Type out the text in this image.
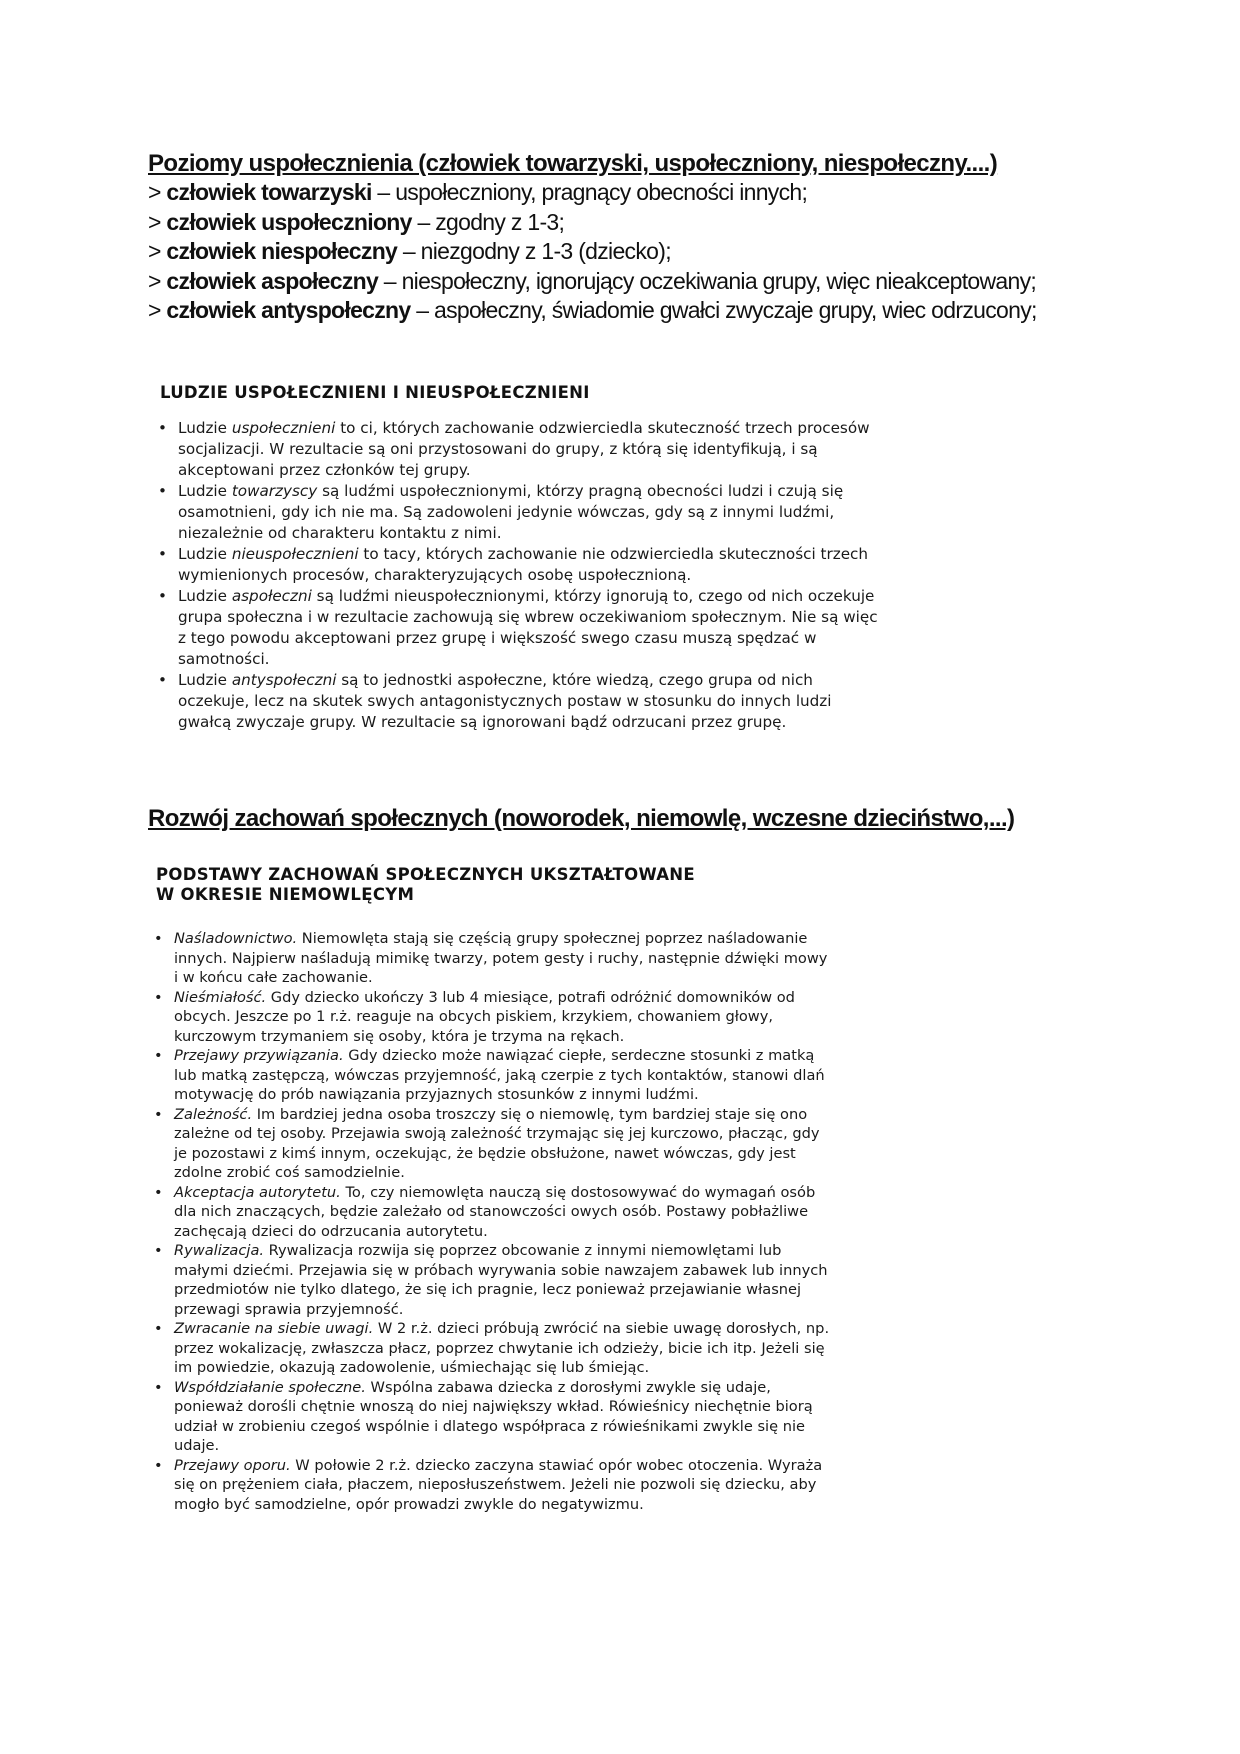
Poziomy uspołecznienia (człowiek towarzyski, uspołeczniony, niespołeczny....)
> człowiek towarzyski – uspołeczniony, pragnący obecności innych;
> człowiek uspołeczniony – zgodny z 1-3;
> człowiek niespołeczny – niezgodny z 1-3 (dziecko);
> człowiek aspołeczny – niespołeczny, ignorujący oczekiwania grupy, więc nieakceptowany;
> człowiek antyspołeczny – aspołeczny, świadomie gwałci zwyczaje grupy, wiec odrzucony;
LUDZIE USPOŁECZNIENI I NIEUSPOŁECZNIENI
• Ludzie uspołecznieni to ci, których zachowanie odzwierciedla skuteczność trzech procesów socjalizacji. W rezultacie są oni przystosowani do grupy, z którą się identyfikują, i są akceptowani przez członków tej grupy.
• Ludzie towarzyscy są ludźmi uspołecznionymi, którzy pragną obecności ludzi i czują się osamotnieni, gdy ich nie ma. Są zadowoleni jedynie wówczas, gdy są z innymi ludźmi, niezależnie od charakteru kontaktu z nimi.
• Ludzie nieuspołecznieni to tacy, których zachowanie nie odzwierciedla skuteczności trzech wymienionych procesów, charakteryzujących osobę uspołecznioną.
• Ludzie aspołeczni są ludźmi nieuspołecznionymi, którzy ignorują to, czego od nich oczekuje grupa społeczna i w rezultacie zachowują się wbrew oczekiwaniom społecznym. Nie są więc z tego powodu akceptowani przez grupę i większość swego czasu muszą spędzać w samotności.
• Ludzie antyspołeczni są to jednostki aspołeczne, które wiedzą, czego grupa od nich oczekuje, lecz na skutek swych antagonistycznych postaw w stosunku do innych ludzi gwałcą zwyczaje grupy. W rezultacie są ignorowani bądź odrzucani przez grupę.
Rozwój zachowań społecznych (noworodek, niemowlę, wczesne dzieciństwo,...)
PODSTAWY ZACHOWAŃ SPOŁECZNYCH UKSZTAŁTOWANE
W OKRESIE NIEMOWLĘCYM
• Naśladownictwo. Niemowlęta stają się częścią grupy społecznej poprzez naśladowanie innych. Najpierw naśladują mimikę twarzy, potem gesty i ruchy, następnie dźwięki mowy i w końcu całe zachowanie.
• Nieśmiałość. Gdy dziecko ukończy 3 lub 4 miesiące, potrafi odróżnić domowników od obcych. Jeszcze po 1 r.ż. reaguje na obcych piskiem, krzykiem, chowaniem głowy, kurczowym trzymaniem się osoby, która je trzyma na rękach.
• Przejawy przywiązania. Gdy dziecko może nawiązać ciepłe, serdeczne stosunki z matką lub matką zastępczą, wówczas przyjemność, jaką czerpie z tych kontaktów, stanowi dlań motywację do prób nawiązania przyjaznych stosunków z innymi ludźmi.
• Zależność. Im bardziej jedna osoba troszczy się o niemowlę, tym bardziej staje się ono zależne od tej osoby. Przejawia swoją zależność trzymając się jej kurczowo, płacząc, gdy je pozostawi z kimś innym, oczekując, że będzie obsłużone, nawet wówczas, gdy jest zdolne zrobić coś samodzielnie.
• Akceptacja autorytetu. To, czy niemowlęta nauczą się dostosowywać do wymagań osób dla nich znaczących, będzie zależało od stanowczości owych osób. Postawy pobłażliwe zachęcają dzieci do odrzucania autorytetu.
• Rywalizacja. Rywalizacja rozwija się poprzez obcowanie z innymi niemowlętami lub małymi dziećmi. Przejawia się w próbach wyrywania sobie nawzajem zabawek lub innych przedmiotów nie tylko dlatego, że się ich pragnie, lecz ponieważ przejawianie własnej przewagi sprawia przyjemność.
• Zwracanie na siebie uwagi. W 2 r.ż. dzieci próbują zwrócić na siebie uwagę dorosłych, np. przez wokalizację, zwłaszcza płacz, poprzez chwytanie ich odzieży, bicie ich itp. Jeżeli się im powiedzie, okazują zadowolenie, uśmiechając się lub śmiejąc.
• Współdziałanie społeczne. Wspólna zabawa dziecka z dorosłymi zwykle się udaje, ponieważ dorośli chętnie wnoszą do niej największy wkład. Rówieśnicy niechętnie biorą udział w zrobieniu czegoś wspólnie i dlatego współpraca z rówieśnikami zwykle się nie udaje.
• Przejawy oporu. W połowie 2 r.ż. dziecko zaczyna stawiać opór wobec otoczenia. Wyraża się on prężeniem ciała, płaczem, nieposłuszeństwem. Jeżeli nie pozwoli się dziecku, aby mogło być samodzielne, opór prowadzi zwykle do negatywizmu.
